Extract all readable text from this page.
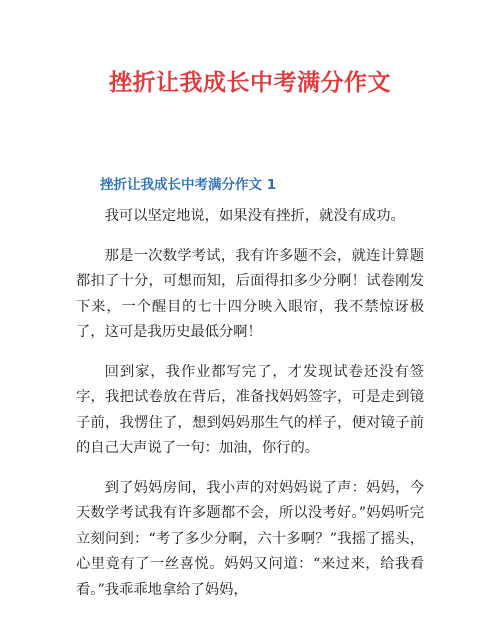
挫折让我成长中考满分作文
挫折让我成长中考满分作文 1

我可以坚定地说，如果没有挫折，就没有成功。

那是一次数学考试，我有许多题不会，就连计算题都扣了十分，可想而知，后面得扣多少分啊！试卷刚发下来，一个醒目的七十四分映入眼帘，我不禁惊讶极了，这可是我历史最低分啊！

回到家，我作业都写完了，才发现试卷还没有签字，我把试卷放在背后，准备找妈妈签字，可是走到镜子前，我愣住了，想到妈妈那生气的样子，便对镜子前的自己大声说了一句：加油，你行的。

到了妈妈房间，我小声的对妈妈说了声：妈妈，今天数学考试我有许多题都不会，所以没考好。”妈妈听完立刻问到：“考了多少分啊，六十多啊？”我摇了摇头，心里竟有了一丝喜悦。妈妈又问道：“来过来，给我看看。”我乖乖地拿给了妈妈，
